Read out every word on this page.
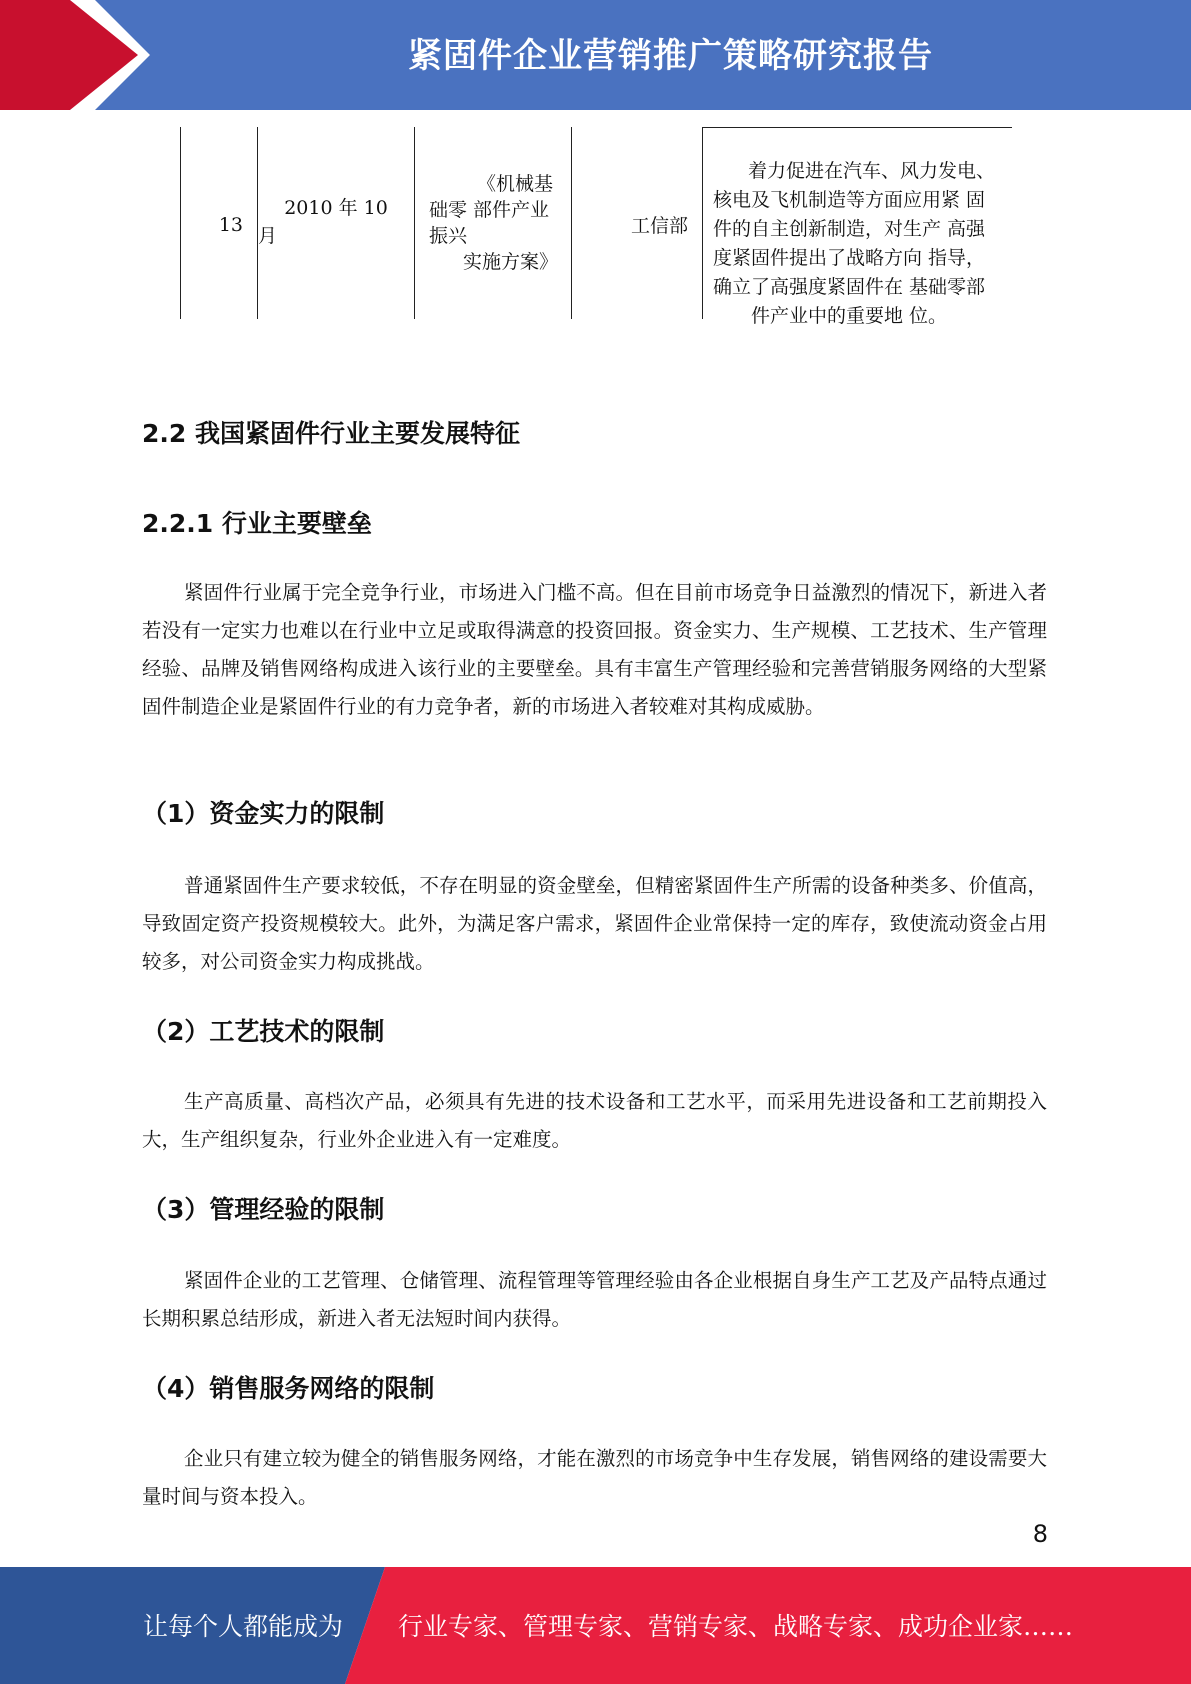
紧固件企业营销推广策略研究报告
13
2010 年 10
月
《机械基
础零 部件产业
振兴
实施方案》
工信部
着力促进在汽车、风力发电、
核电及飞机制造等方面应用紧 固
件的自主创新制造，对生产 高强
度紧固件提出了战略方向 指导，
确立了高强度紧固件在 基础零部
件产业中的重要地 位。
2.2 我国紧固件行业主要发展特征
2.2.1 行业主要壁垒
紧固件行业属于完全竞争行业，市场进入门槛不高。但在目前市场竞争日益激烈的情况下，新进入者若没有一定实力也难以在行业中立足或取得满意的投资回报。资金实力、生产规模、工艺技术、生产管理经验、品牌及销售网络构成进入该行业的主要壁垒。具有丰富生产管理经验和完善营销服务网络的大型紧固件制造企业是紧固件行业的有力竞争者，新的市场进入者较难对其构成威胁。
（1）资金实力的限制
普通紧固件生产要求较低，不存在明显的资金壁垒，但精密紧固件生产所需的设备种类多、价值高，导致固定资产投资规模较大。此外，为满足客户需求，紧固件企业常保持一定的库存，致使流动资金占用较多，对公司资金实力构成挑战。
（2）工艺技术的限制
生产高质量、高档次产品，必须具有先进的技术设备和工艺水平，而采用先进设备和工艺前期投入大，生产组织复杂，行业外企业进入有一定难度。
（3）管理经验的限制
紧固件企业的工艺管理、仓储管理、流程管理等管理经验由各企业根据自身生产工艺及产品特点通过长期积累总结形成，新进入者无法短时间内获得。
（4）销售服务网络的限制
企业只有建立较为健全的销售服务网络，才能在激烈的市场竞争中生存发展，销售网络的建设需要大量时间与资本投入。
8
让每个人都能成为 行业专家、管理专家、营销专家、战略专家、成功企业家……
